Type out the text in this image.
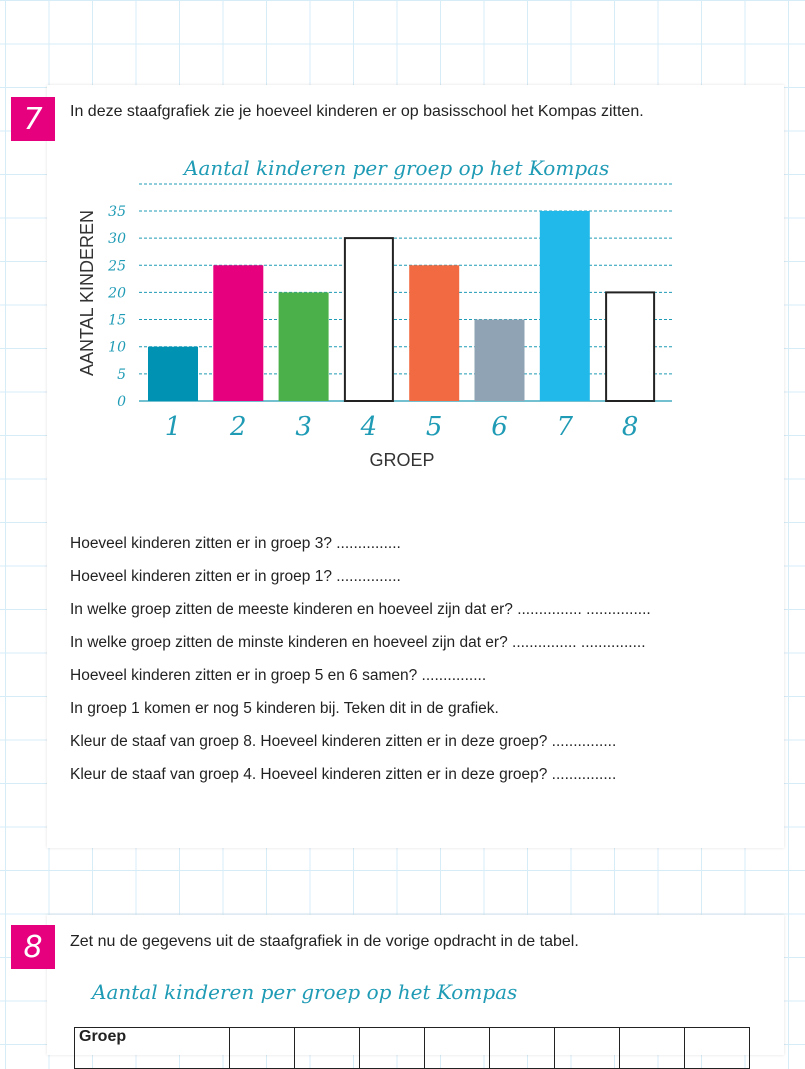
7	In deze staafgrafiek zie je hoeveel kinderen er op basisschool het Kompas zitten.
Aantal kinderen per groep op het Kompas
0
5
10
15
20
25
30
35
1 2 3 4 5 6 7 8
GROEP
AANTAL KINDEREN
Hoeveel kinderen zitten er in groep 3? ...............
Hoeveel kinderen zitten er in groep 1? ...............
In welke groep zitten de meeste kinderen en hoeveel zijn dat er? ............... ...............
In welke groep zitten de minste kinderen en hoeveel zijn dat er? ............... ...............
Hoeveel kinderen zitten er in groep 5 en 6 samen? ...............
In groep 1 komen er nog 5 kinderen bij. Teken dit in de grafiek.
Kleur de staaf van groep 8. Hoeveel kinderen zitten er in deze groep? ...............
Kleur de staaf van groep 4. Hoeveel kinderen zitten er in deze groep? ...............
8	Zet nu de gegevens uit de staafgrafiek in de vorige opdracht in de tabel.
Aantal kinderen per groep op het Kompas
Groep								
